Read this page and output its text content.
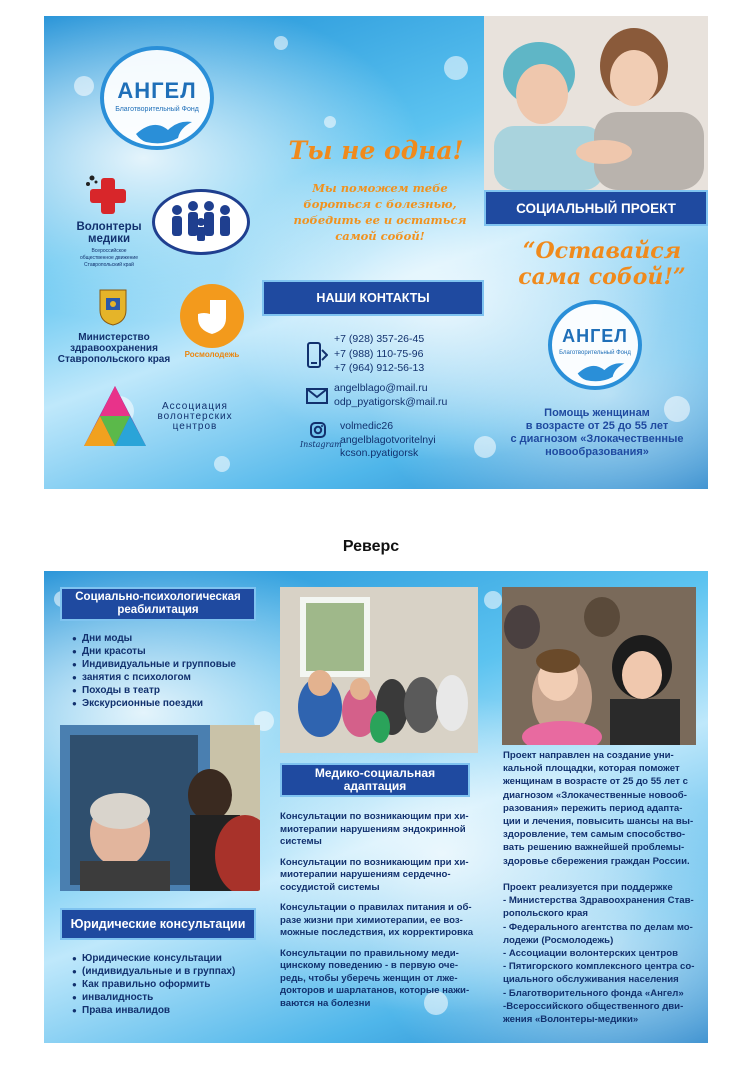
АНГЕЛ
Благотворительный Фонд
Волонтеры медики
Всероссийское
общественное движение
Ставропольский край
Министерство
здравоохранения
Ставропольского края	Росмолодежь
Ассоциация
волонтерских
центров
Ты не одна!
Мы поможем тебе
бороться с болезнью,
победить ее и остаться
самой собой!
НАШИ КОНТАКТЫ
+7 (928) 357-26-45
+7 (988) 110-75-96
+7 (964) 912-56-13
angelblago@mail.ru
odp_pyatigorsk@mail.ru
Instagram
volmedic26
angelblagotvoritelnyi
kcson.pyatigorsk
СОЦИАЛЬНЫЙ ПРОЕКТ
“Оставайся
сама собой!”
АНГЕЛ
Благотворительный Фонд
Помощь женщинам
в возрасте от 25 до 55 лет
с диагнозом «Злокачественные
новообразования»
Реверс
Социально-психологическая
реабилитация
● Дни моды
● Дни красоты
● Индивидуальные и групповые
● занятия с психологом
● Походы в театр
● Экскурсионные поездки
Юридические консультации
● Юридические консультации
● (индивидуальные и в группах)
● Как правильно оформить
● инвалидность
● Права инвалидов
Медико-социальная
адаптация
Консультации по возникающим при хи-
миотерапии нарушениям эндокринной
системы
Консультации по возникающим при хи-
миотерапии нарушениям сердечно-
сосудистой системы
Консультации о правилах питания и об-
разе жизни при химиотерапии, ее воз-
можные последствия, их корректировка
Консультации по правильному меди-
цинскому поведению - в первую оче-
редь, чтобы уберечь женщин от лже-
докторов и шарлатанов, которые нажи-
ваются на болезни
Проект направлен на создание уни-
кальной площадки, которая поможет
женщинам в возрасте от 25 до 55 лет с
диагнозом «Злокачественные новооб-
разования» пережить период адапта-
ции и лечения, повысить шансы на вы-
здоровление, тем самым способство-
вать решению важнейшей проблемы-
здоровье сбережения граждан России.
Проект реализуется при поддержке
- Министерства Здравоохранения Став-
ропольского края
- Федерального агентства по делам мо-
лодежи (Росмолодежь)
- Ассоциации волонтерских центров
- Пятигорского комплексного центра со-
циального обслуживания населения
- Благотворительного фонда «Ангел»
-Всероссийского общественного дви-
жения «Волонтеры-медики»
